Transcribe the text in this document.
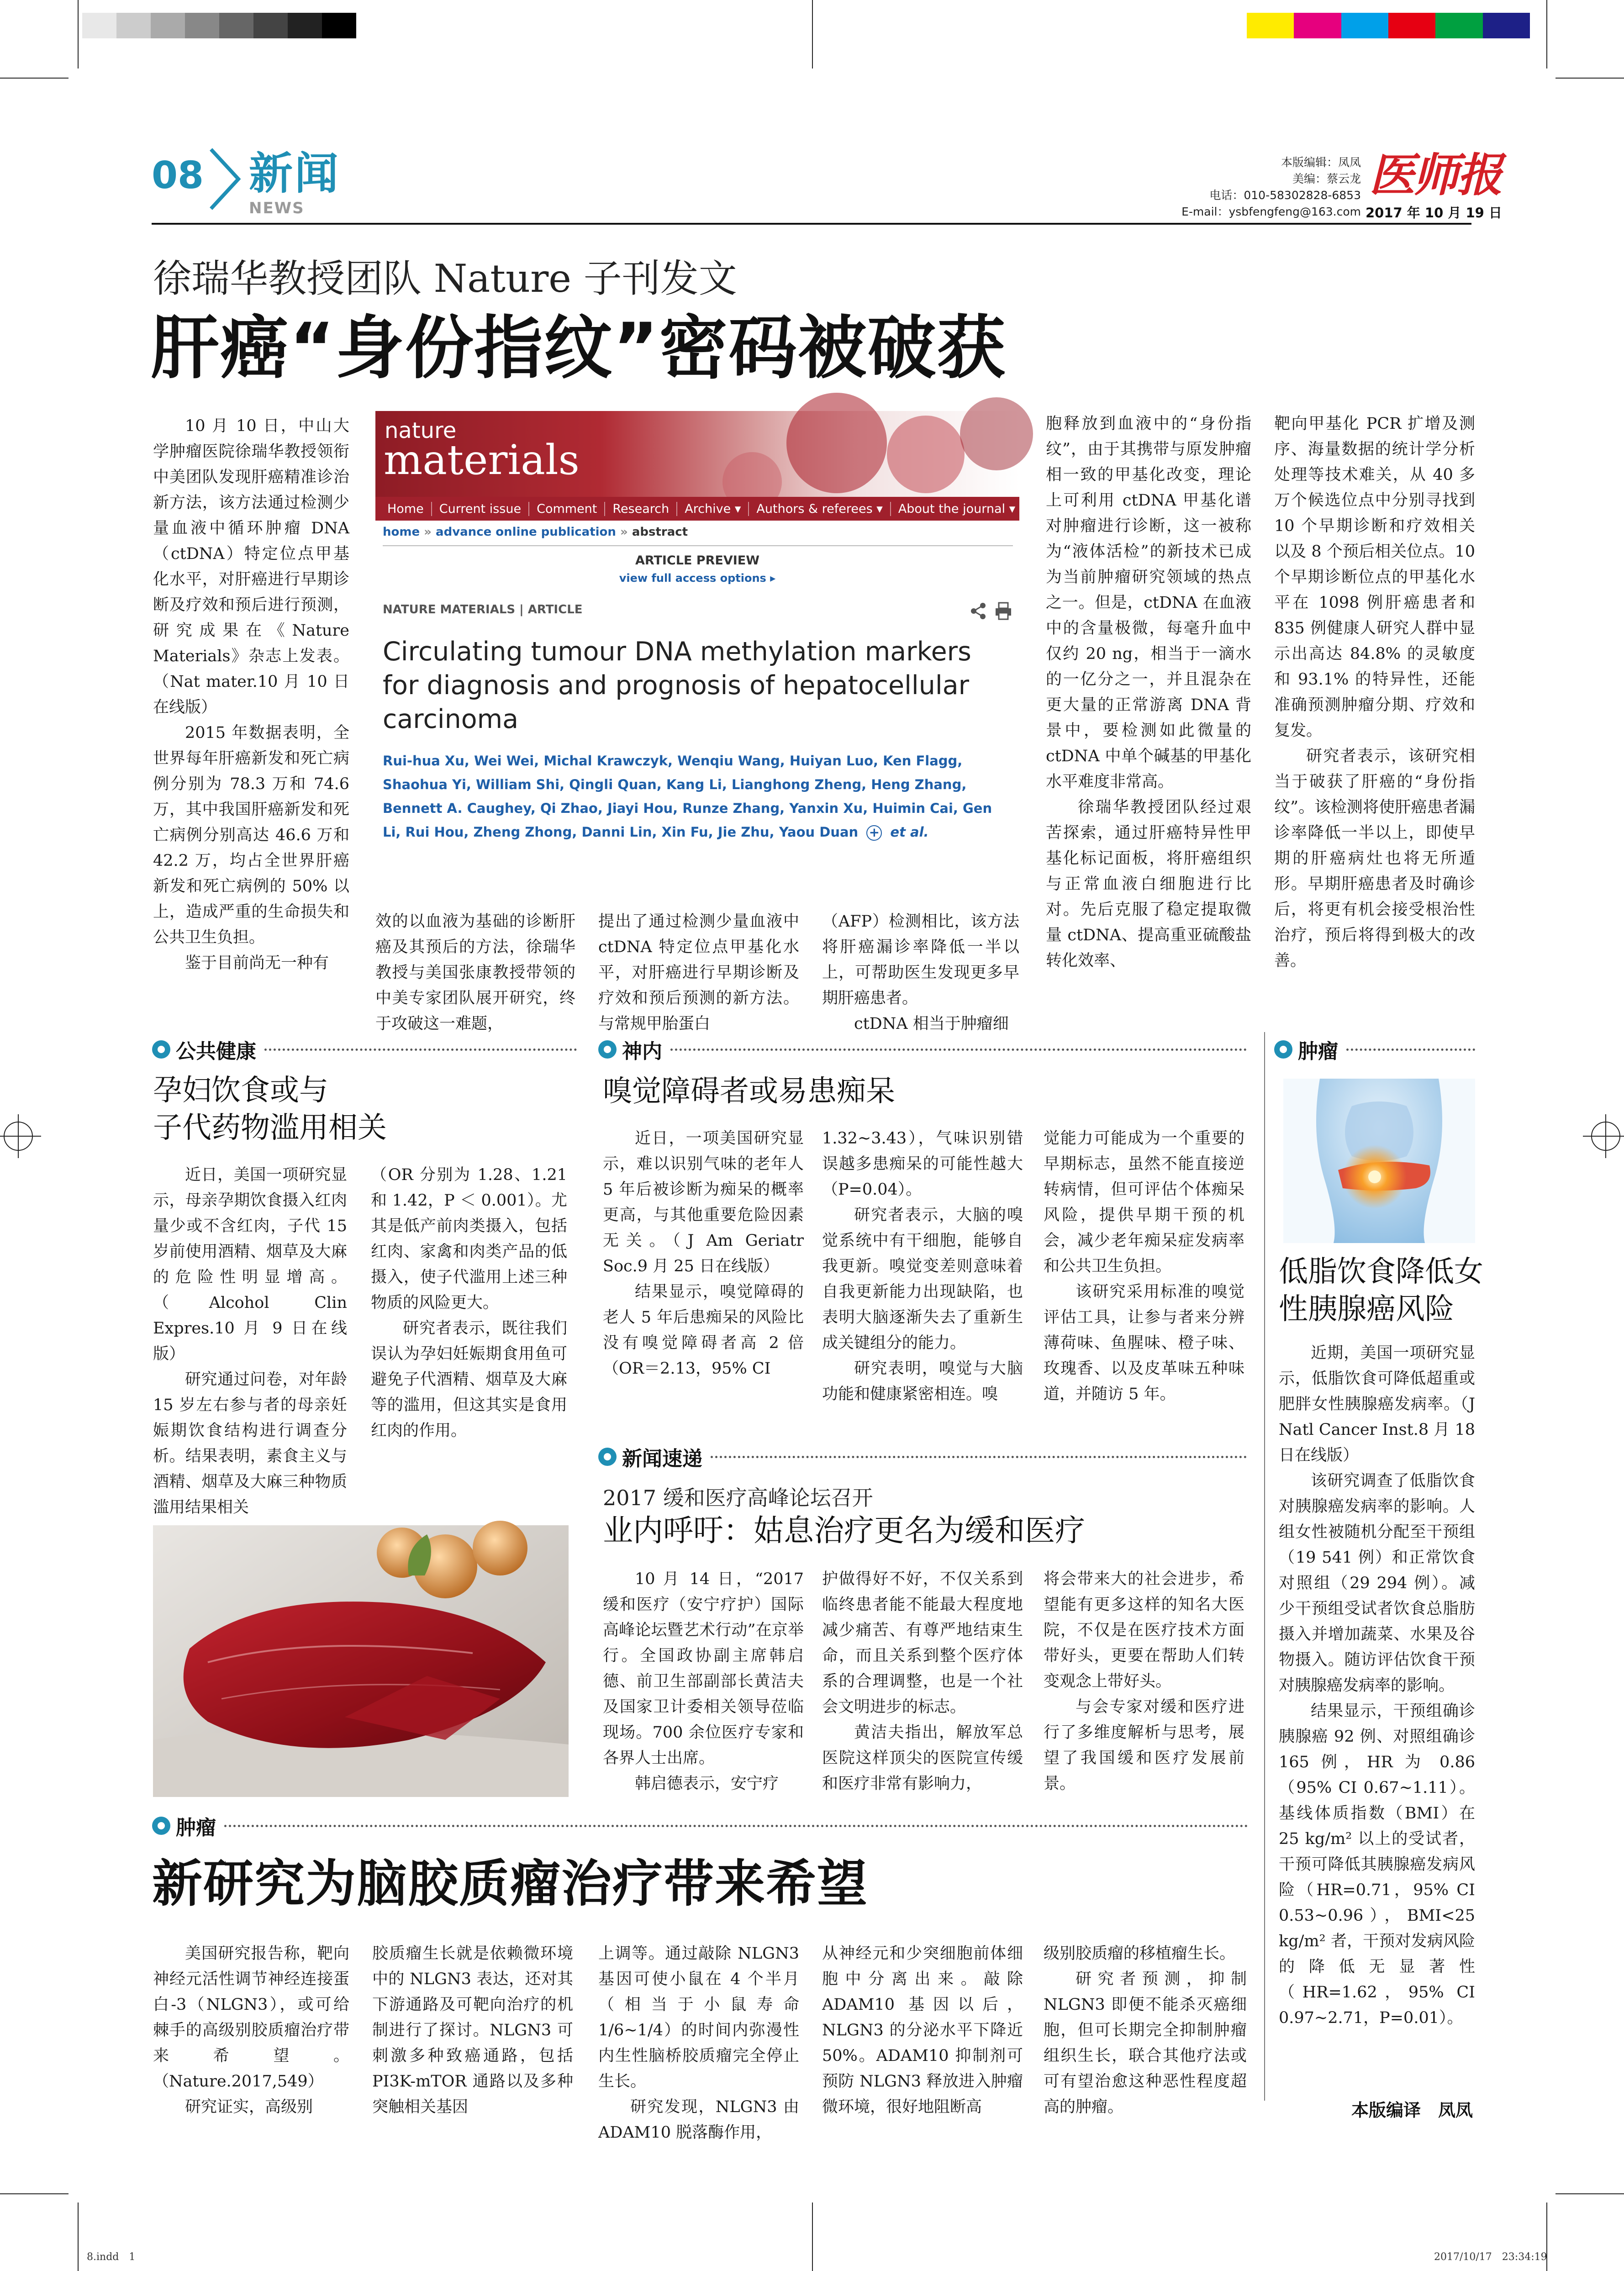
08 新闻
NEWS
本版编辑：凤凤
美编：蔡云龙
电话：010-58302828-6853
E-mail：ysbfengfeng@163.com
医师报
2017 年 10 月 19 日
徐瑞华教授团队 Nature 子刊发文
肝癌“身份指纹”密码被破获

10 月 10 日，中山大学肿瘤医院徐瑞华教授领衔中美团队发现肝癌精准诊治新方法，该方法通过检测少量血液中循环肿瘤 DNA（ctDNA）特定位点甲基化水平，对肝癌进行早期诊断及疗效和预后进行预测，研究成果在《Nature Materials》杂志上发表。（Nat mater.10 月 10 日在线版）

2015 年数据表明，全世界每年肝癌新发和死亡病例分别为 78.3 万和 74.6 万，其中我国肝癌新发和死亡病例分别高达 46.6 万和 42.2 万，均占全世界肝癌新发和死亡病例的 50% 以上，造成严重的生命损失和公共卫生负担。

鉴于目前尚无一种有

nature
materials
Home	Current issue	Comment	Research	Archive ▾	Authors & referees ▾	About the journal ▾
home » advance online publication » abstract
ARTICLE PREVIEW
view full access options ▸
NATURE MATERIALS | ARTICLE
Circulating tumour DNA methylation markers for diagnosis and prognosis of hepatocellular carcinoma
Rui-hua Xu, Wei Wei, Michal Krawczyk, Wenqiu Wang, Huiyan Luo, Ken Flagg, Shaohua Yi, William Shi, Qingli Quan, Kang Li, Lianghong Zheng, Heng Zhang, Bennett A. Caughey, Qi Zhao, Jiayi Hou, Runze Zhang, Yanxin Xu, Huimin Cai, Gen Li, Rui Hou, Zheng Zhong, Danni Lin, Xin Fu, Jie Zhu, Yaou Duan + et al.

效的以血液为基础的诊断肝癌及其预后的方法，徐瑞华教授与美国张康教授带领的中美专家团队展开研究，终于攻破这一难题，

提出了通过检测少量血液中 ctDNA 特定位点甲基化水平，对肝癌进行早期诊断及疗效和预后预测的新方法。与常规甲胎蛋白

（AFP）检测相比，该方法将肝癌漏诊率降低一半以上，可帮助医生发现更多早期肝癌患者。

ctDNA 相当于肿瘤细

胞释放到血液中的“身份指纹”，由于其携带与原发肿瘤相一致的甲基化改变，理论上可利用 ctDNA 甲基化谱对肿瘤进行诊断，这一被称为“液体活检”的新技术已成为当前肿瘤研究领域的热点之一。但是，ctDNA 在血液中的含量极微，每毫升血中仅约 20 ng，相当于一滴水的一亿分之一，并且混杂在更大量的正常游离 DNA 背景中，要检测如此微量的 ctDNA 中单个碱基的甲基化水平难度非常高。

徐瑞华教授团队经过艰苦探索，通过肝癌特异性甲基化标记面板，将肝癌组织与正常血液白细胞进行比对。先后克服了稳定提取微量 ctDNA、提高重亚硫酸盐转化效率、

靶向甲基化 PCR 扩增及测序、海量数据的统计学分析处理等技术难关，从 40 多万个候选位点中分别寻找到 10 个早期诊断和疗效相关以及 8 个预后相关位点。10 个早期诊断位点的甲基化水平在 1098 例肝癌患者和 835 例健康人研究人群中显示出高达 84.8% 的灵敏度和 93.1% 的特异性，还能准确预测肿瘤分期、疗效和复发。

研究者表示，该研究相当于破获了肝癌的“身份指纹”。该检测将使肝癌患者漏诊率降低一半以上，即使早期的肝癌病灶也将无所遁形。早期肝癌患者及时确诊后，将更有机会接受根治性治疗，预后将得到极大的改善。

公共健康
孕妇饮食或与
子代药物滥用相关

近日，美国一项研究显示，母亲孕期饮食摄入红肉量少或不含红肉，子代 15 岁前使用酒精、烟草及大麻的危险性明显增高。（Alcohol Clin Expres.10 月 9 日在线版）

研究通过问卷，对年龄 15 岁左右参与者的母亲妊娠期饮食结构进行调查分析。结果表明，素食主义与酒精、烟草及大麻三种物质滥用结果相关

（OR 分别为 1.28、1.21 和 1.42，P ＜ 0.001）。尤其是低产前肉类摄入，包括红肉、家禽和肉类产品的低摄入，使子代滥用上述三种物质的风险更大。

研究者表示，既往我们误认为孕妇妊娠期食用鱼可避免子代酒精、烟草及大麻等的滥用，但这其实是食用红肉的作用。

神内
嗅觉障碍者或易患痴呆

近日，一项美国研究显示，难以识别气味的老年人 5 年后被诊断为痴呆的概率更高，与其他重要危险因素无关。（J Am Geriatr Soc.9 月 25 日在线版）

结果显示，嗅觉障碍的老人 5 年后患痴呆的风险比没有嗅觉障碍者高 2 倍（OR＝2.13，95% CI

1.32~3.43），气味识别错误越多患痴呆的可能性越大（P=0.04）。

研究者表示，大脑的嗅觉系统中有干细胞，能够自我更新。嗅觉变差则意味着自我更新能力出现缺陷，也表明大脑逐渐失去了重新生成关键组分的能力。

研究表明，嗅觉与大脑功能和健康紧密相连。嗅

觉能力可能成为一个重要的早期标志，虽然不能直接逆转病情，但可评估个体痴呆风险，提供早期干预的机会，减少老年痴呆症发病率和公共卫生负担。

该研究采用标准的嗅觉评估工具，让参与者来分辨薄荷味、鱼腥味、橙子味、玫瑰香、以及皮革味五种味道，并随访 5 年。

肿瘤
低脂饮食降低女
性胰腺癌风险

近期，美国一项研究显示，低脂饮食可降低超重或肥胖女性胰腺癌发病率。（J Natl Cancer Inst.8 月 18 日在线版）

该研究调查了低脂饮食对胰腺癌发病率的影响。人组女性被随机分配至干预组（19 541 例）和正常饮食对照组（29 294 例）。减少干预组受试者饮食总脂肪摄入并增加蔬菜、水果及谷物摄入。随访评估饮食干预对胰腺癌发病率的影响。

结果显示，干预组确诊胰腺癌 92 例、对照组确诊 165 例，HR 为 0.86（95% CI 0.67~1.11）。基线体质指数（BMI）在 25 kg/m² 以上的受试者，干预可降低其胰腺癌发病风 险（HR=0.71，95% CI 0.53~0.96），BMI<25 kg/m² 者，干预对发病风险的降低无显著性（HR=1.62，95% CI 0.97~2.71，P=0.01）。

本版编译　凤凤
新闻速递
2017 缓和医疗高峰论坛召开
业内呼吁：姑息治疗更名为缓和医疗

10 月 14 日，“2017 缓和医疗（安宁疗护）国际高峰论坛暨艺术行动”在京举行。全国政协副主席韩启德、前卫生部副部长黄洁夫及国家卫计委相关领导莅临现场。700 余位医疗专家和各界人士出席。

韩启德表示，安宁疗

护做得好不好，不仅关系到临终患者能不能最大程度地减少痛苦、有尊严地结束生命，而且关系到整个医疗体系的合理调整，也是一个社会文明进步的标志。

黄洁夫指出，解放军总医院这样顶尖的医院宣传缓和医疗非常有影响力，

将会带来大的社会进步，希望能有更多这样的知名大医院，不仅是在医疗技术方面带好头，更要在帮助人们转变观念上带好头。

与会专家对缓和医疗进行了多维度解析与思考，展望了我国缓和医疗发展前景。

肿瘤
新研究为脑胶质瘤治疗带来希望

美国研究报告称，靶向神经元活性调节神经连接蛋白-3（NLGN3），或可给棘手的高级别胶质瘤治疗带来希望。（Nature.2017,549）

研究证实，高级别

胶质瘤生长就是依赖微环境中的 NLGN3 表达，还对其下游通路及可靶向治疗的机制进行了探讨。NLGN3 可刺激多种致癌通路，包括 PI3K-mTOR 通路以及多种突触相关基因

上调等。通过敲除 NLGN3 基因可使小鼠在 4 个半月（相当于小鼠寿命 1/6~1/4）的时间内弥漫性内生性脑桥胶质瘤完全停止生长。

研究发现，NLGN3 由 ADAM10 脱落酶作用，

从神经元和少突细胞前体细胞中分离出来。敲除 ADAM10 基因以后，NLGN3 的分泌水平下降近 50%。ADAM10 抑制剂可预防 NLGN3 释放进入肿瘤微环境，很好地阻断高

级别胶质瘤的移植瘤生长。

研究者预测，抑制 NLGN3 即便不能杀灭癌细胞，但可长期完全抑制肿瘤组织生长，联合其他疗法或可有望治愈这种恶性程度超高的肿瘤。

8.indd　1	2017/10/17　23:34:19
